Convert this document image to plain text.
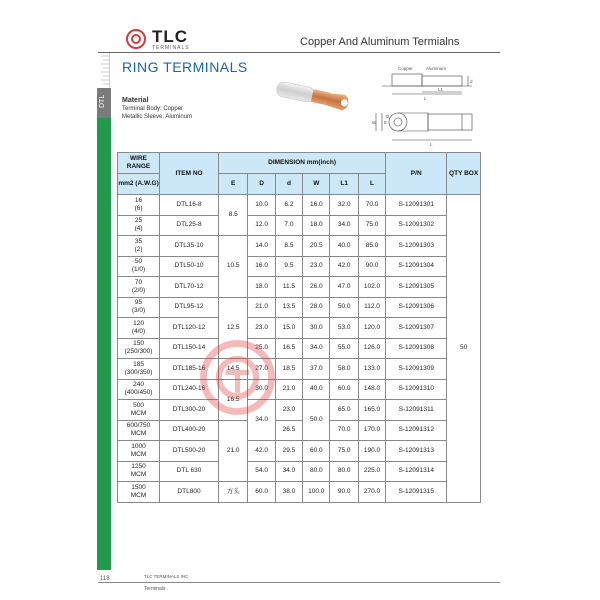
TLC
TERMINALS	Copper And Aluminum Termialns
DTL
RING TERMINALS
Material
Terminal Body: Copper
Metallic Sleeve: Aluminum
Copper	Aluminum
d
L1
L
E
W
D
L
WIRE RANGE	ITEM NO	DIMENSION mm(inch)						P/N	QTY BOX
mm2 (A.W.G)		E	D	d	W	L1	L		

16
(6)	DTL16-8	8.5	10.0	6.2	16.0	32.0	70.0	S-12091301	50

25
(4)	DTL25-8		12.0	7.0	18.0	34.0	75.0	S-12091302	

35
(2)	DTL35-10	10.5	14.0	8.5	20.5	40.0	85.0	S-12091303	

50
(1/0)	DTL50-10		16.0	9.5	23.0	42.0	90.0	S-12091304	

70
(2/0)	DTL70-12		18.0	11.5	26.0	47.0	102.0	S-12091305	

95
(3/0)	DTL95-12	12.5	21.0	13.5	28.0	50.0	112.0	S-12091306	

120
(4/0)	DTL120-12		23.0	15.0	30.0	53.0	120.0	S-12091307	

150
(250/300)	DTL150-14		25.0	16.5	34.0	55.0	126.0	S-12091308	

185
(300/350)	DTL185-16	14.5	27.0	18.5	37.0	58.0	133.0	S-12091309	

240
(400/450)	DTL240-16	16.5	30.0	21.0	40.0	60.0	148.0	S-12091310	

500
MCM	DTL300-20		34.0	23.0	50.0	65.0	165.0	S-12091311	

600/750
MCM	DTL400-20	21.0		26.5		70.0	170.0	S-12091312	

1000
MCM	DTL500-20		42.0	29.5	60.0	75.0	190.0	S-12091313	

1250
MCM	DTL 630		54.0	34.0	80.0	80.0	225.0	S-12091314	

1500
MCM	DTL800	方头	60.0	38.0	100.0	90.0	270.0	S-12091315	
118	TLC TERMINALS INC
Terminals
